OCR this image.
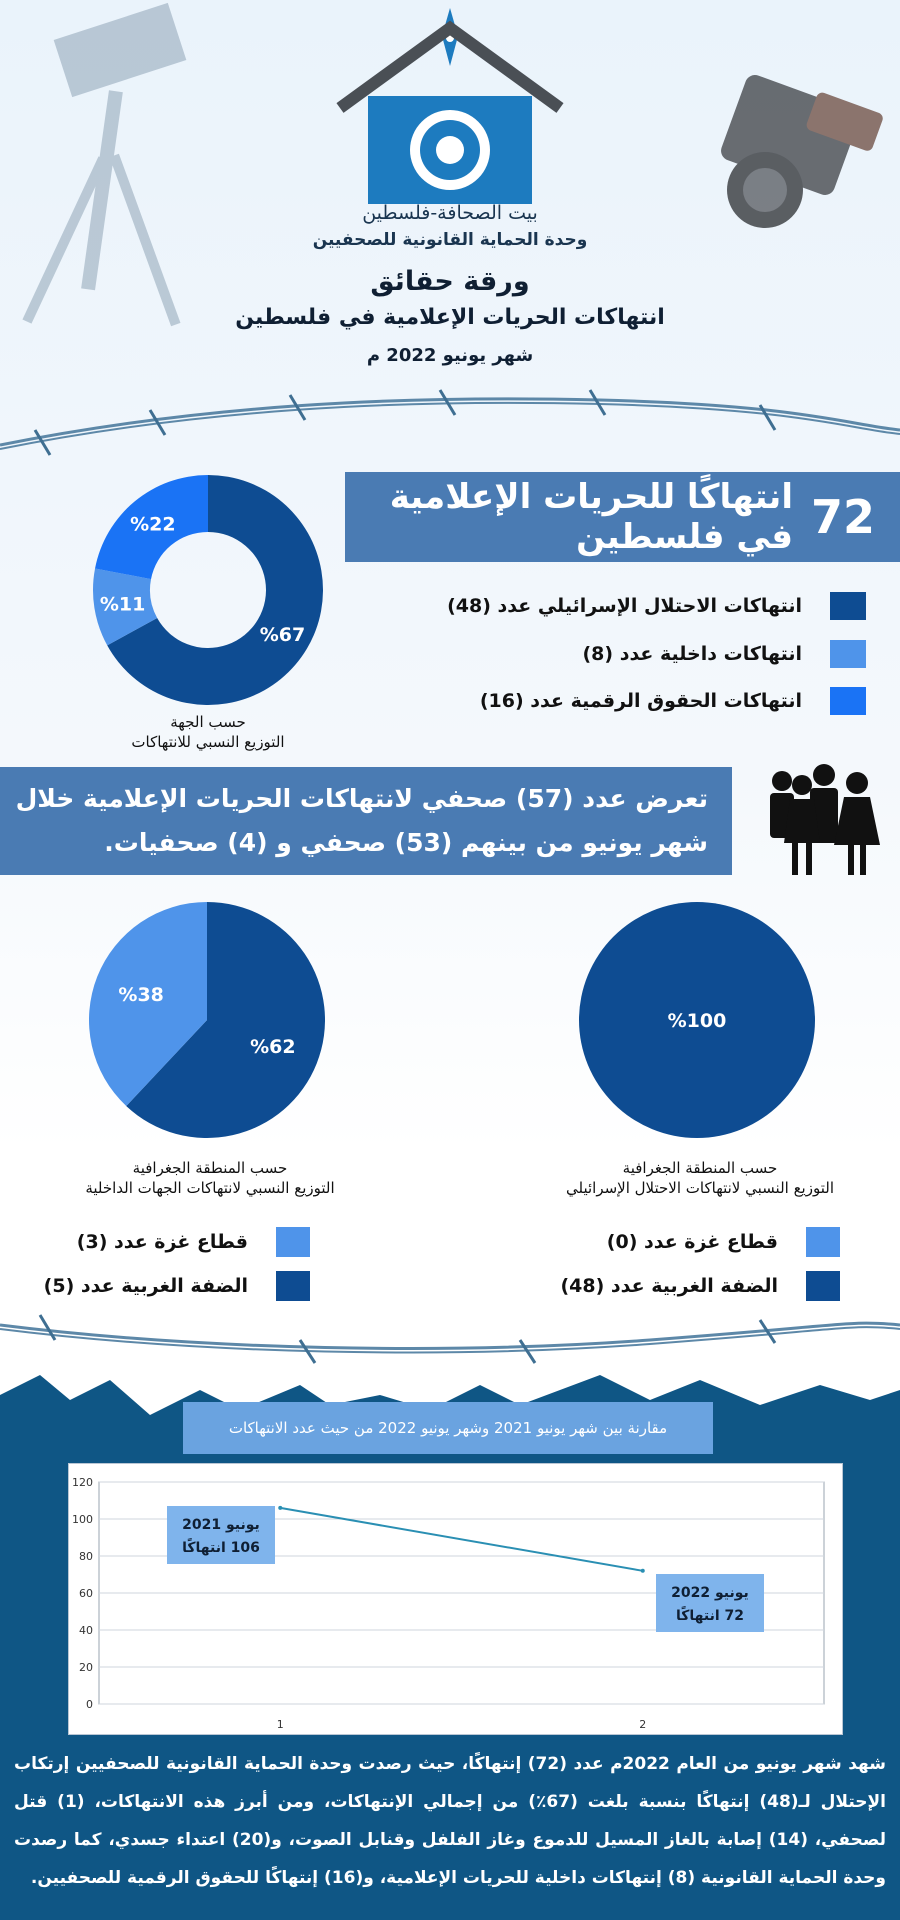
بيت الصحافة-فلسطين
وحدة الحماية القانونية للصحفيين
ورقة حقائق
انتهاكات الحريات الإعلامية في فلسطين
شهر يونيو 2022 م
72
انتهاكًا للحريات الإعلامية في فلسطين
انتهاكات الاحتلال الإسرائيلي عدد (48)
انتهاكات داخلية عدد (8)
انتهاكات الحقوق الرقمية عدد (16)
%67
%11
%22
حسب الجهة
التوزيع النسبي للانتهاكات
تعرض عدد (57) صحفي لانتهاكات الحريات الإعلامية خلال شهر يونيو من بينهم (53) صحفي و (4) صحفيات.
%62
%38
%100
حسب المنطقة الجغرافية
التوزيع النسبي لانتهاكات الجهات الداخلية
حسب المنطقة الجغرافية
التوزيع النسبي لانتهاكات الاحتلال الإسرائيلي
قطاع غزة عدد (3)
الضفة الغربية عدد (5)
قطاع غزة عدد (0)
الضفة الغربية عدد (48)
مقارنة بين شهر يونيو 2021 وشهر يونيو 2022 من حيث عدد الانتهاكات
0
20
40
60
80
100
120
1	2
يونيو 2021
106 انتهاكًا
يونيو 2022
72 انتهاكًا
شهد شهر يونيو من العام 2022م عدد (72) إنتهاكًا، حيث رصدت وحدة الحماية القانونية للصحفيين إرتكاب الإحتلال لـ(48) إنتهاكًا بنسبة بلغت (67٪) من إجمالي الإنتهاكات، ومن أبرز هذه الانتهاكات، (1) قتل لصحفي، (14) إصابة بالغاز المسيل للدموع وغاز الفلفل وقنابل الصوت، و(20) اعتداء جسدي، كما رصدت وحدة الحماية القانونية (8) إنتهاكات داخلية للحريات الإعلامية، و(16) إنتهاكًا للحقوق الرقمية للصحفيين.
